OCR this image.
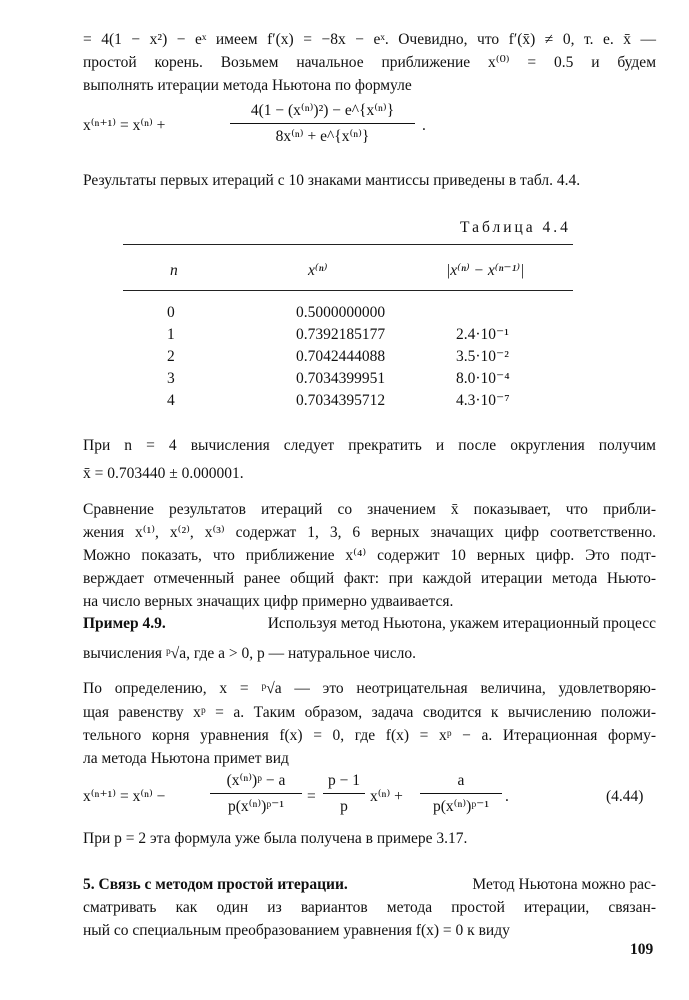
= 4(1 − x²) − eˣ имеем f′(x) = −8x − eˣ. Очевидно, что f′(x̄) ≠ 0, т. е. x̄ —
простой корень. Возьмем начальное приближение x⁽⁰⁾ = 0.5 и будем
выполнять итерации метода Ньютона по формуле
x⁽ⁿ⁺¹⁾ = x⁽ⁿ⁾ +	$\frac{\text{4(1 − (x⁽ⁿ⁾)²) − e\textasciicircum{}\{x⁽ⁿ⁾\}}}{\text{8x⁽ⁿ⁾ + e\textasciicircum{}\{x⁽ⁿ⁾\}}}$ .
Результаты первых итераций с 10 знаками мантиссы приведены в табл. 4.4.
Таблица 4.4
n	x⁽ⁿ⁾	|x⁽ⁿ⁾ − x⁽ⁿ⁻¹⁾|
0	0.5000000000
1	0.7392185177	2.4·10⁻¹
2	0.7042444088	3.5·10⁻²
3	0.7034399951	8.0·10⁻⁴
4	0.7034395712	4.3·10⁻⁷
При n = 4 вычисления следует прекратить и после округления получим
x̄ = 0.703440 ± 0.000001.
Сравнение результатов итераций со значением x̄ показывает, что прибли-
жения x⁽¹⁾, x⁽²⁾, x⁽³⁾ содержат 1, 3, 6 верных значащих цифр соответственно.
Можно показать, что приближение x⁽⁴⁾ содержит 10 верных цифр. Это подт-
верждает отмеченный ранее общий факт: при каждой итерации метода Ньюто-
на число верных значащих цифр примерно удваивается.
Пример 4.9.	Используя метод Ньютона, укажем итерационный процесс
вычисления ᵖ√a, где a > 0, p — натуральное число.
По определению, x = ᵖ√a — это неотрицательная величина, удовлетворяю-
щая равенству xᵖ = a. Таким образом, задача сводится к вычислению положи-
тельного корня уравнения f(x) = 0, где f(x) = xᵖ − a. Итерационная форму-
ла метода Ньютона примет вид
x⁽ⁿ⁺¹⁾ = x⁽ⁿ⁾ −	$\frac{\text{(x⁽ⁿ⁾)ᵖ − a}}{\text{p(x⁽ⁿ⁾)ᵖ⁻¹}} = \frac{p - 1}{p} x^{(n)} + \frac{a}{\text{p(x⁽ⁿ⁾)ᵖ⁻¹}}$ .	(4.44)
При p = 2 эта формула уже была получена в примере 3.17.
5. Связь с методом простой итерации.	Метод Ньютона можно рас-
сматривать как один из вариантов метода простой итерации, связан-
ный со специальным преобразованием уравнения f(x) = 0 к виду
109
